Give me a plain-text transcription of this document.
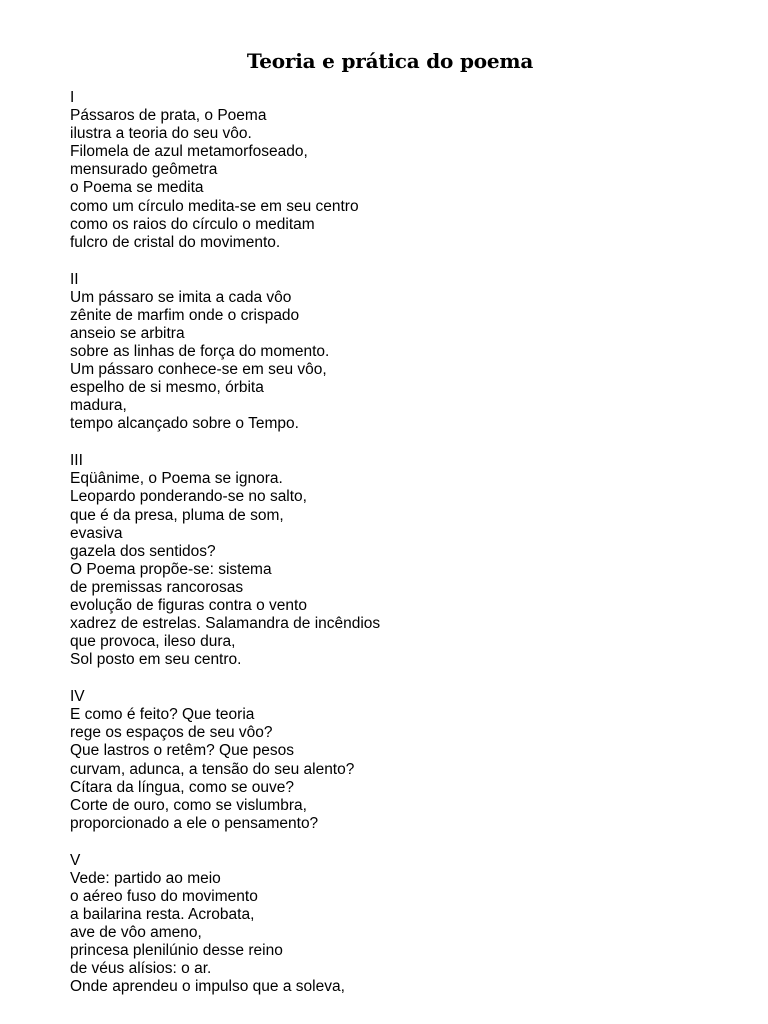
Teoria e prática do poema
I
Pássaros de prata, o Poema
ilustra a teoria do seu vôo.
Filomela de azul metamorfoseado,
mensurado geômetra
o Poema se medita
como um círculo medita-se em seu centro
como os raios do círculo o meditam
fulcro de cristal do movimento.
II
Um pássaro se imita a cada vôo
zênite de marfim onde o crispado
anseio se arbitra
sobre as linhas de força do momento.
Um pássaro conhece-se em seu vôo,
espelho de si mesmo, órbita
madura,
tempo alcançado sobre o Tempo.
III
Eqüânime, o Poema se ignora.
Leopardo ponderando-se no salto,
que é da presa, pluma de som,
evasiva
gazela dos sentidos?
O Poema propõe-se: sistema
de premissas rancorosas
evolução de figuras contra o vento
xadrez de estrelas. Salamandra de incêndios
que provoca, ileso dura,
Sol posto em seu centro.
IV
E como é feito? Que teoria
rege os espaços de seu vôo?
Que lastros o retêm? Que pesos
curvam, adunca, a tensão do seu alento?
Cítara da língua, como se ouve?
Corte de ouro, como se vislumbra,
proporcionado a ele o pensamento?
V
Vede: partido ao meio
o aéreo fuso do movimento
a bailarina resta. Acrobata,
ave de vôo ameno,
princesa plenilúnio desse reino
de véus alísios: o ar.
Onde aprendeu o impulso que a soleva,
